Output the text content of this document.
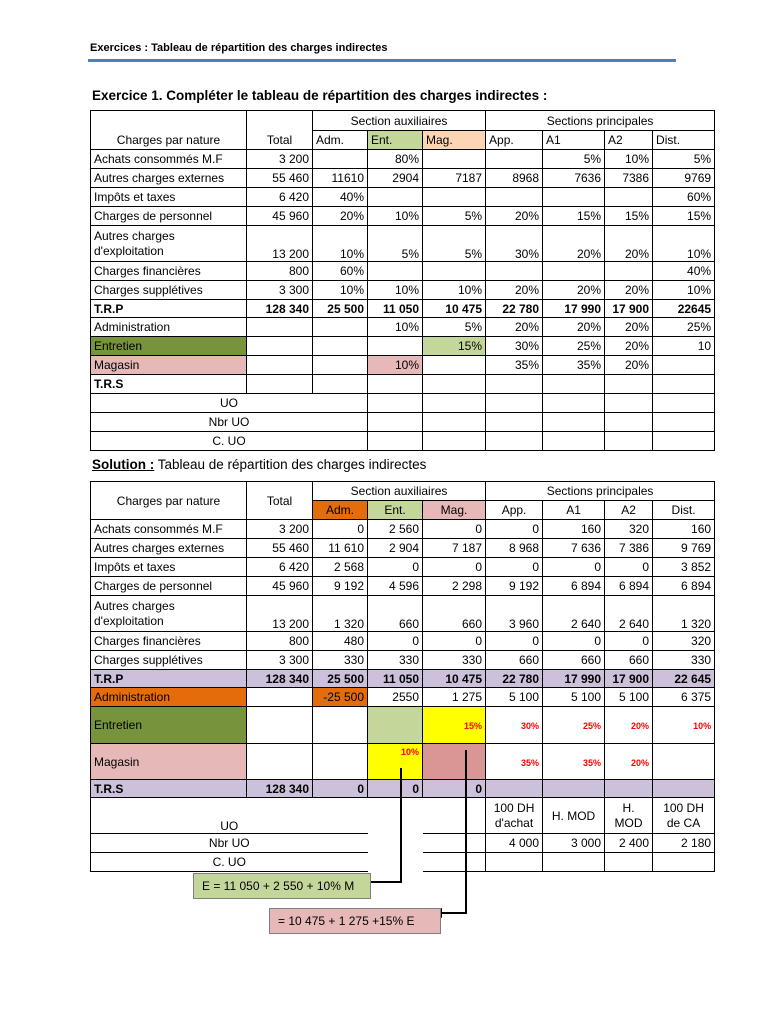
Exercices : Tableau de répartition des charges indirectes
Exercice 1. Compléter le tableau de répartition des charges indirectes :
		Section auxiliaires			Sections principales			
Charges par nature	Total	Adm.	Ent.	Mag.	App.	A1	A2	Dist.
Achats consommés M.F	3 200		80%			5%	10%	5%
Autres charges externes	55 460	11610	2904	7187	8968	7636	7386	9769
Impôts et taxes	6 420	40%						60%
Charges de personnel	45 960	20%	10%	5%	20%	15%	15%	15%
Autres charges d'exploitation	13 200	10%	5%	5%	30%	20%	20%	10%
Charges financières	800	60%						40%
Charges supplétives	3 300	10%	10%	10%	20%	20%	20%	10%
T.R.P	128 340	25 500	11 050	10 475	22 780	17 990	17 900	22645
Administration			10%	5%	20%	20%	20%	25%
Entretien				15%	30%	25%	20%	10
Magasin			10%		35%	35%	20%	
T.R.S								
UO								
Nbr UO								
C. UO								
Solution : Tableau de répartition des charges indirectes
Charges par nature	Total	Section auxiliaires			Sections principales			
		Adm.	Ent.	Mag.	App.	A1	A2	Dist.
Achats consommés M.F	3 200	0	2 560	0	0	160	320	160
Autres charges externes	55 460	11 610	2 904	7 187	8 968	7 636	7 386	9 769
Impôts et taxes	6 420	2 568	0	0	0	0	0	3 852
Charges de personnel	45 960	9 192	4 596	2 298	9 192	6 894	6 894	6 894
Autres charges d'exploitation	13 200	1 320	660	660	3 960	2 640	2 640	1 320
Charges financières	800	480	0	0	0	0	0	320
Charges supplétives	3 300	330	330	330	660	660	660	330
T.R.P	128 340	25 500	11 050	10 475	22 780	17 990	17 900	22 645
Administration		-25 500	2550	1 275	5 100	5 100	5 100	6 375
Entretien				15%	30%	25%	20%	10%
Magasin			10%		35%	35%	20%	
T.R.S	128 340	0	0	0				
UO					100 DH d'achat	H. MOD	H. MOD	100 DH de CA
Nbr UO					4 000	3 000	2 400	2 180
C. UO								
E = 11 050 + 2 550 + 10% M
= 10 475 + 1 275 +15% E
